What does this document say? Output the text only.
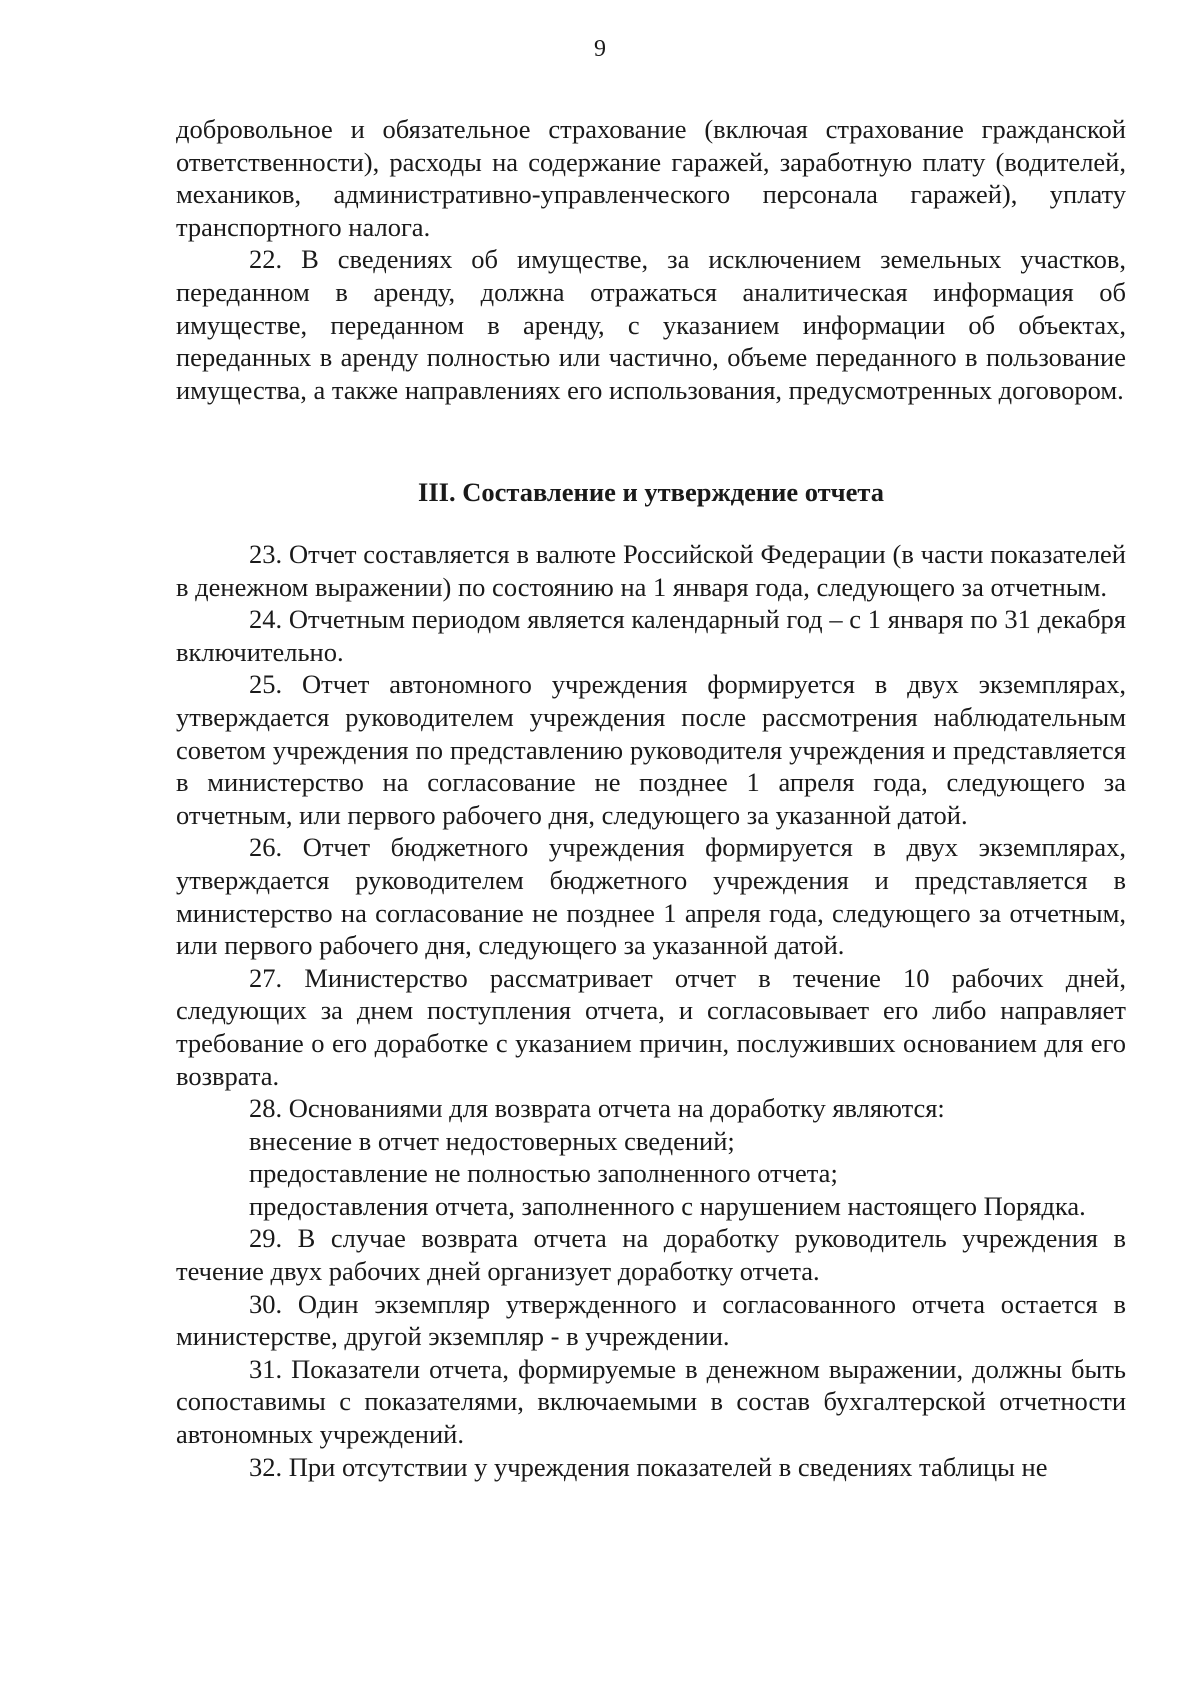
9

добровольное и обязательное страхование (включая страхование гражданской ответственности), расходы на содержание гаражей, заработную плату (водителей, механиков, административно-управленческого персонала гаражей), уплату транспортного налога.

22. В сведениях об имуществе, за исключением земельных участков, переданном в аренду, должна отражаться аналитическая информация об имуществе, переданном в аренду, с указанием информации об объектах, переданных в аренду полностью или частично, объеме переданного в пользование имущества, а также направлениях его использования, предусмотренных договором.

III. Составление и утверждение отчета

23. Отчет составляется в валюте Российской Федерации (в части показателей в денежном выражении) по состоянию на 1 января года, следующего за отчетным.

24. Отчетным периодом является календарный год – с 1 января по 31 декабря включительно.

25. Отчет автономного учреждения формируется в двух экземплярах, утверждается руководителем учреждения после рассмотрения наблюдательным советом учреждения по представлению руководителя учреждения и представляется в министерство на согласование не позднее 1 апреля года, следующего за отчетным, или первого рабочего дня, следующего за указанной датой.

26. Отчет бюджетного учреждения формируется в двух экземплярах, утверждается руководителем бюджетного учреждения и представляется в министерство на согласование не позднее 1 апреля года, следующего за отчетным, или первого рабочего дня, следующего за указанной датой.

27. Министерство рассматривает отчет в течение 10 рабочих дней, следующих за днем поступления отчета, и согласовывает его либо направляет требование о его доработке с указанием причин, послуживших основанием для его возврата.

28. Основаниями для возврата отчета на доработку являются:

внесение в отчет недостоверных сведений;

предоставление не полностью заполненного отчета;

предоставления отчета, заполненного с нарушением настоящего Порядка.

29. В случае возврата отчета на доработку руководитель учреждения в течение двух рабочих дней организует доработку отчета.

30. Один экземпляр утвержденного и согласованного отчета остается в министерстве, другой экземпляр - в учреждении.

31. Показатели отчета, формируемые в денежном выражении, должны быть сопоставимы с показателями, включаемыми в состав бухгалтерской отчетности автономных учреждений.

32. При отсутствии у учреждения показателей в сведениях таблицы не
